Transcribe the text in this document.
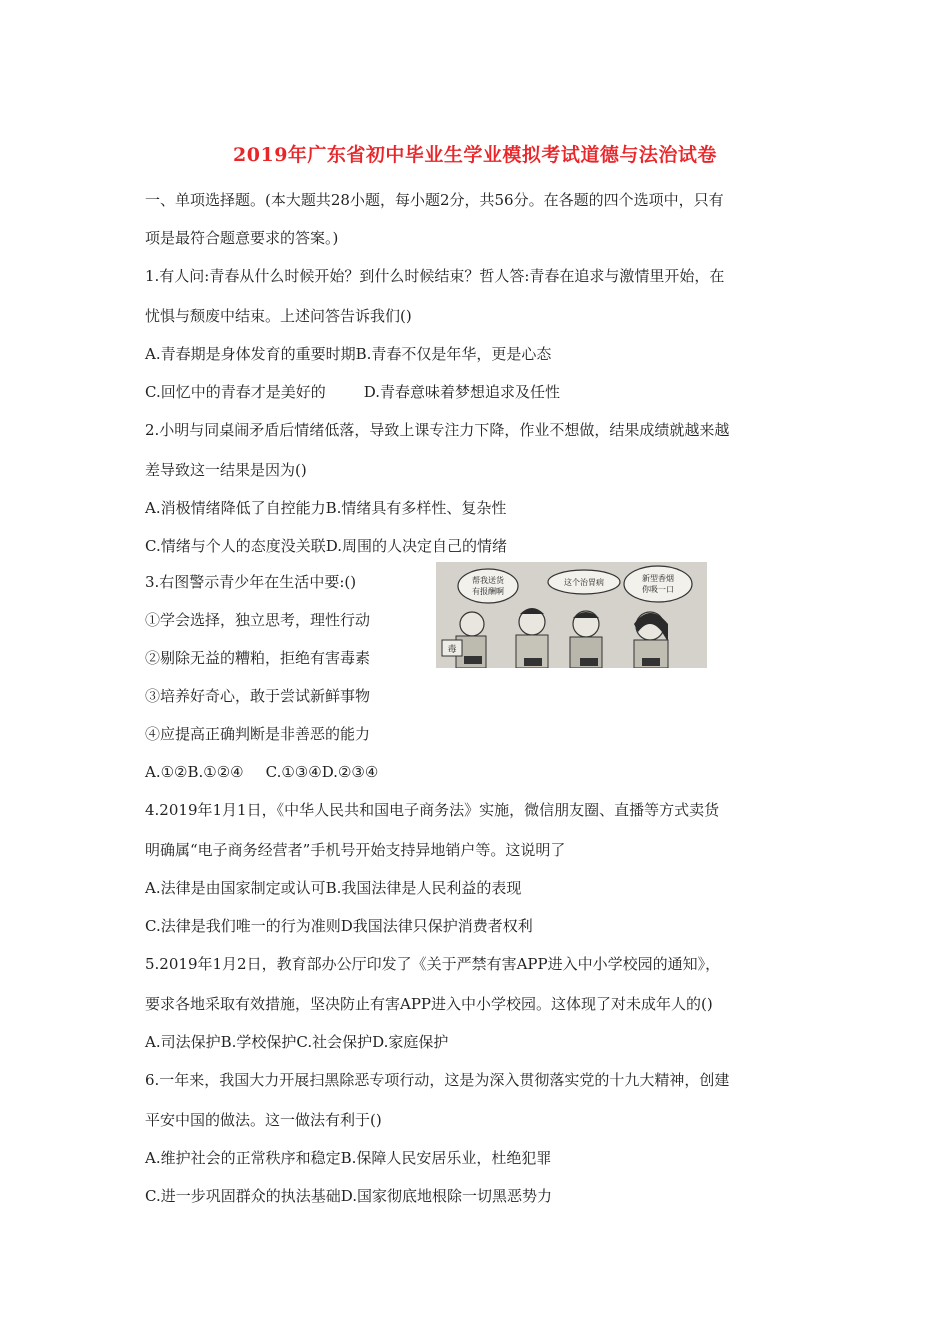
2019年广东省初中毕业生学业模拟考试道德与法治试卷
一、单项选择题。(本大题共28小题，每小题2分，共56分。在各题的四个选项中，只有
项是最符合题意要求的答案。)
1.有人问:青春从什么时候开始？到什么时候结束？哲人答:青春在追求与激情里开始，在
忧惧与颓废中结束。上述问答告诉我们()
A.青春期是身体发育的重要时期B.青春不仅是年华，更是心态
C.回忆中的青春才是美好的	D.青春意味着梦想追求及任性
2.小明与同桌闹矛盾后情绪低落，导致上课专注力下降，作业不想做，结果成绩就越来越
差导致这一结果是因为()
A.消极情绪降低了自控能力B.情绪具有多样性、复杂性
C.情绪与个人的态度没关联D.周围的人决定自己的情绪
3.右图警示青少年在生活中要:()
①学会选择，独立思考，理性行动
②剔除无益的糟粕，拒绝有害毒素
③培养好奇心，敢于尝试新鲜事物
④应提高正确判断是非善恶的能力
A.①②B.①②④ C.①③④D.②③④
帮我送货
有报酬啊
这个治胃病	新型香烟
你吸一口
毒
4.2019年1月1日，《中华人民共和国电子商务法》实施，微信朋友圈、直播等方式卖货
明确属“电子商务经营者”手机号开始支持异地销户等。这说明了
A.法律是由国家制定或认可B.我国法律是人民利益的表现
C.法律是我们唯一的行为准则D我国法律只保护消费者权利
5.2019年1月2日，教育部办公厅印发了《关于严禁有害APP进入中小学校园的通知》，
要求各地采取有效措施，坚决防止有害APP进入中小学校园。这体现了对未成年人的()
A.司法保护B.学校保护C.社会保护D.家庭保护
6.一年来，我国大力开展扫黑除恶专项行动，这是为深入贯彻落实党的十九大精神，创建
平安中国的做法。这一做法有利于()
A.维护社会的正常秩序和稳定B.保障人民安居乐业，杜绝犯罪
C.进一步巩固群众的执法基础D.国家彻底地根除一切黑恶势力
